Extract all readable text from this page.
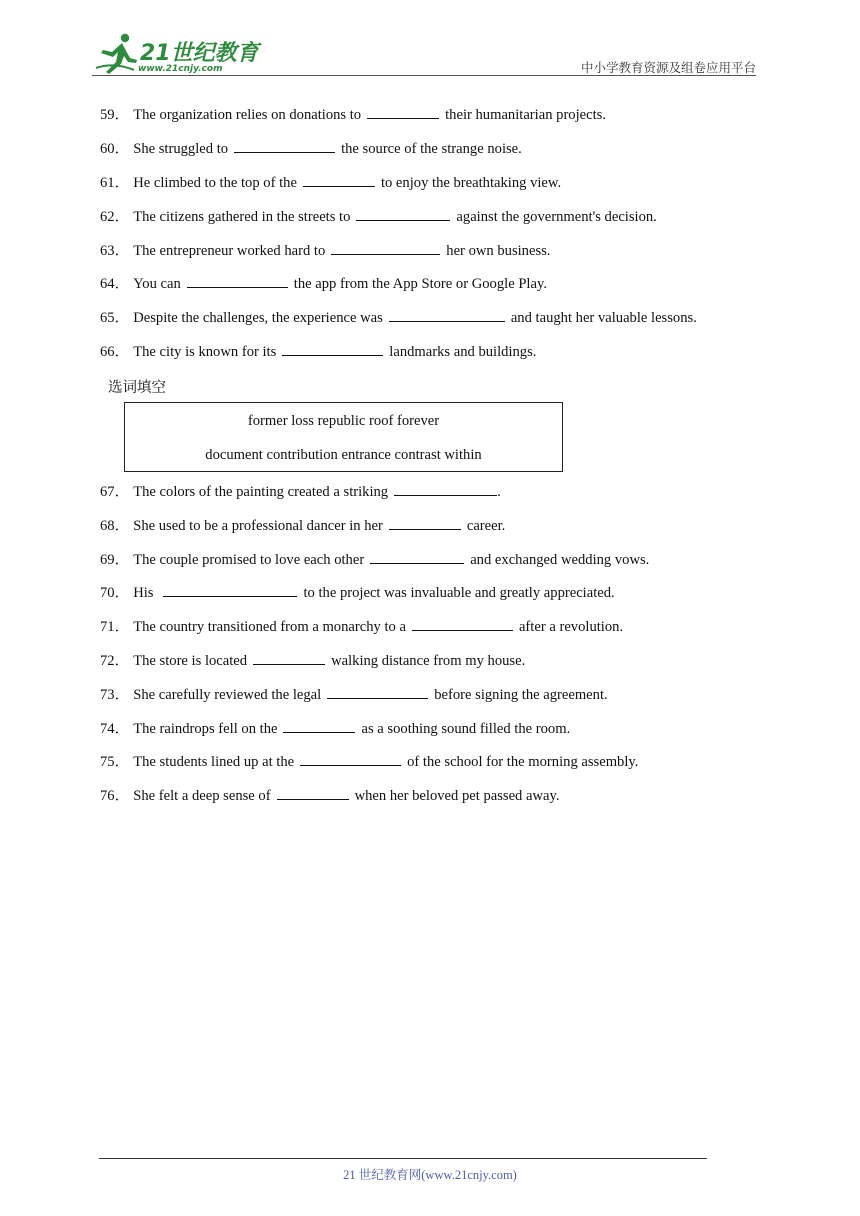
21世纪教育
www.21cnjy.com	中小学教育资源及组卷应用平台
59． The organization relies on donations to	their humanitarian projects.
60． She struggled to	the source of the strange noise.
61． He climbed to the top of the	to enjoy the breathtaking view.
62． The citizens gathered in the streets to	against the government's decision.
63． The entrepreneur worked hard to	her own business.
64． You can	the app from the App Store or Google Play.
65． Despite the challenges, the experience was	and taught her valuable lessons.
66． The city is known for its	landmarks and buildings.
选词填空
former loss republic roof forever
document contribution entrance contrast within
67． The colors of the painting created a striking	.
68． She used to be a professional dancer in her	career.
69． The couple promised to love each other	and exchanged wedding vows.
70． His	to the project was invaluable and greatly appreciated.
71． The country transitioned from a monarchy to a	after a revolution.
72． The store is located	walking distance from my house.
73． She carefully reviewed the legal	before signing the agreement.
74． The raindrops fell on the	as a soothing sound filled the room.
75． The students lined up at the	of the school for the morning assembly.
76． She felt a deep sense of	when her beloved pet passed away.
21 世纪教育网(www.21cnjy.com)
